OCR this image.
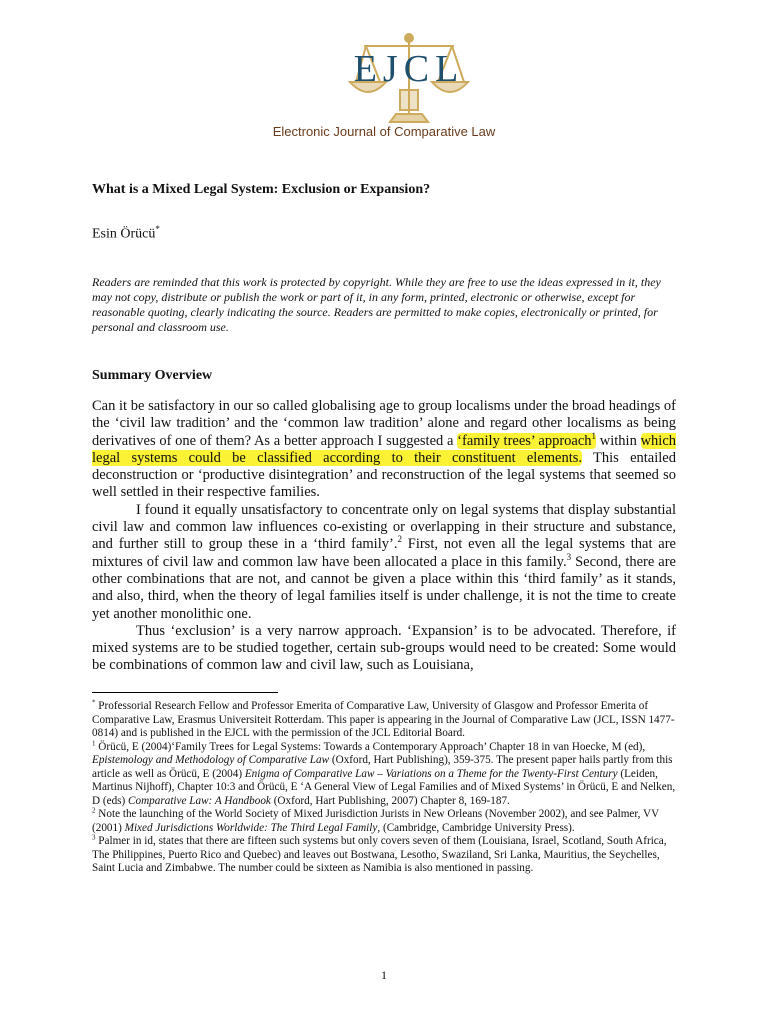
EJCL
Electronic Journal of Comparative Law
What is a Mixed Legal System: Exclusion or Expansion?
Esin Örücü*
Readers are reminded that this work is protected by copyright. While they are free to use the ideas expressed in it, they may not copy, distribute or publish the work or part of it, in any form, printed, electronic or otherwise, except for reasonable quoting, clearly indicating the source. Readers are permitted to make copies, electronically or printed, for personal and classroom use.
Summary Overview

Can it be satisfactory in our so called globalising age to group localisms under the broad headings of the ‘civil law tradition’ and the ‘common law tradition’ alone and regard other localisms as being derivatives of one of them? As a better approach I suggested a ‘family trees’ approach$^1$ within which legal systems could be classified according to their constituent elements. This entailed deconstruction or ‘productive disintegration’ and reconstruction of the legal systems that seemed so well settled in their respective families.

I found it equally unsatisfactory to concentrate only on legal systems that display substantial civil law and common law influences co-existing or overlapping in their structure and substance, and further still to group these in a ‘third family’.$^2$ First, not even all the legal systems that are mixtures of civil law and common law have been allocated a place in this family.$^3$ Second, there are other combinations that are not, and cannot be given a place within this ‘third family’ as it stands, and also, third, when the theory of legal families itself is under challenge, it is not the time to create yet another monolithic one.

Thus ‘exclusion’ is a very narrow approach. ‘Expansion’ is to be advocated. Therefore, if mixed systems are to be studied together, certain sub-groups would need to be created: Some would be combinations of common law and civil law, such as Louisiana,

* Professorial Research Fellow and Professor Emerita of Comparative Law, University of Glasgow and Professor Emerita of Comparative Law, Erasmus Universiteit Rotterdam. This paper is appearing in the Journal of Comparative Law (JCL, ISSN 1477-0814) and is published in the EJCL with the permission of the JCL Editorial Board.

$^1$ Örücü, E (2004)‘Family Trees for Legal Systems: Towards a Contemporary Approach’ Chapter 18 in van Hoecke, M (ed), Epistemology and Methodology of Comparative Law (Oxford, Hart Publishing), 359-375. The present paper hails partly from this article as well as Örücü, E (2004) Enigma of Comparative Law – Variations on a Theme for the Twenty-First Century (Leiden, Martinus Nijhoff), Chapter 10:3 and Örücü, E ‘A General View of Legal Families and of Mixed Systems’ in Örücü, E and Nelken, D (eds) Comparative Law: A Handbook (Oxford, Hart Publishing, 2007) Chapter 8, 169-187.

$^2$ Note the launching of the World Society of Mixed Jurisdiction Jurists in New Orleans (November 2002), and see Palmer, VV (2001) Mixed Jurisdictions Worldwide: The Third Legal Family, (Cambridge, Cambridge University Press).

$^3$ Palmer in id, states that there are fifteen such systems but only covers seven of them (Louisiana, Israel, Scotland, South Africa, The Philippines, Puerto Rico and Quebec) and leaves out Bostwana, Lesotho, Swaziland, Sri Lanka, Mauritius, the Seychelles, Saint Lucia and Zimbabwe. The number could be sixteen as Namibia is also mentioned in passing.

1
